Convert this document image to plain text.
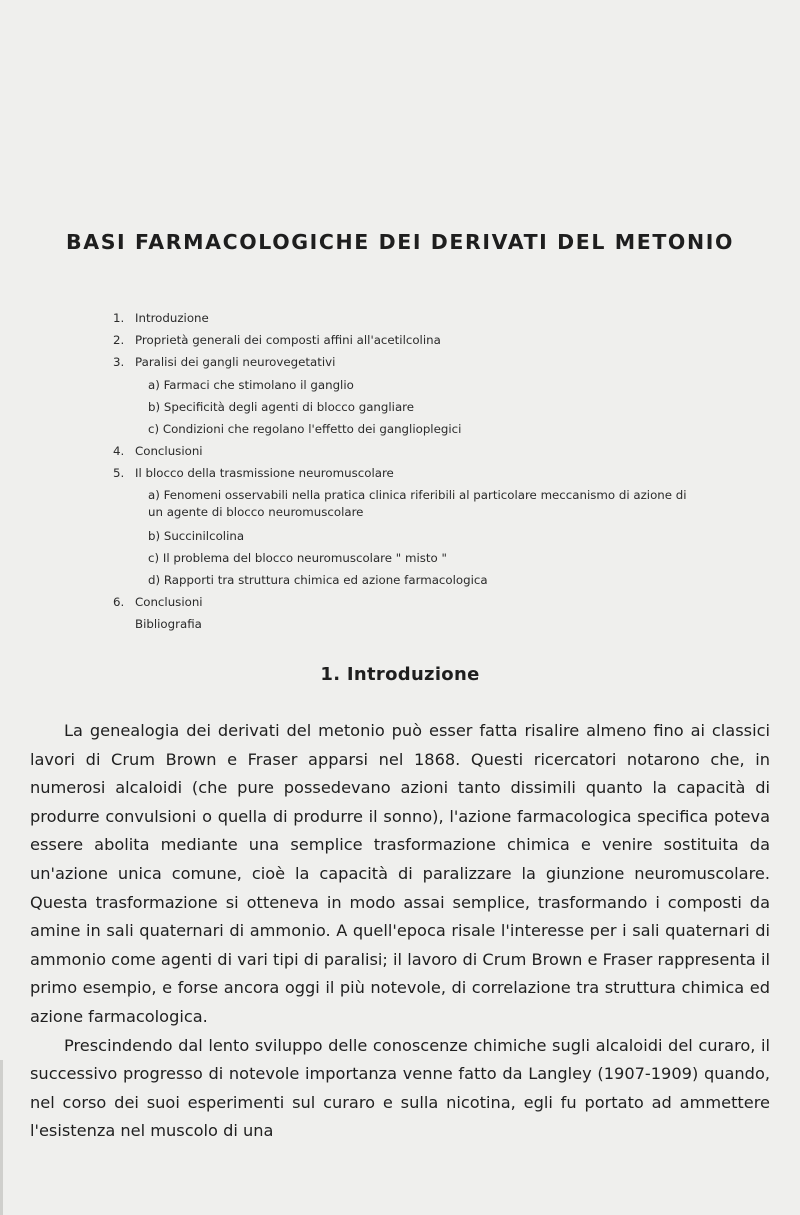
BASI FARMACOLOGICHE DEI DERIVATI DEL METONIO
1. Introduzione
2. Proprietà generali dei composti affini all'acetilcolina
3. Paralisi dei gangli neurovegetativi
a) Farmaci che stimolano il ganglio
b) Specificità degli agenti di blocco gangliare
c) Condizioni che regolano l'effetto dei ganglioplegici
4. Conclusioni
5. Il blocco della trasmissione neuromuscolare
a) Fenomeni osservabili nella pratica clinica riferibili al particolare meccanismo di azione di un agente di blocco neuromuscolare
b) Succinilcolina
c) Il problema del blocco neuromuscolare " misto "
d) Rapporti tra struttura chimica ed azione farmacologica
6. Conclusioni
Bibliografia
1. Introduzione

La genealogia dei derivati del metonio può esser fatta risalire almeno fino ai classici lavori di Crum Brown e Fraser apparsi nel 1868. Questi ricercatori notarono che, in numerosi alcaloidi (che pure possedevano azioni tanto dissimili quanto la capacità di produrre convulsioni o quella di produrre il sonno), l'azione farmacologica specifica poteva essere abolita mediante una semplice trasformazione chimica e venire sostituita da un'azione unica comune, cioè la capacità di paralizzare la giunzione neuromuscolare. Questa trasformazione si otteneva in modo assai semplice, trasformando i composti da amine in sali quaternari di ammonio. A quell'epoca risale l'interesse per i sali quaternari di ammonio come agenti di vari tipi di paralisi; il lavoro di Crum Brown e Fraser rappresenta il primo esempio, e forse ancora oggi il più notevole, di correlazione tra struttura chimica ed azione farmacologica.

Prescindendo dal lento sviluppo delle conoscenze chimiche sugli alcaloidi del curaro, il successivo progresso di notevole importanza venne fatto da Langley (1907-1909) quando, nel corso dei suoi esperimenti sul curaro e sulla nicotina, egli fu portato ad ammettere l'esistenza nel muscolo di una
